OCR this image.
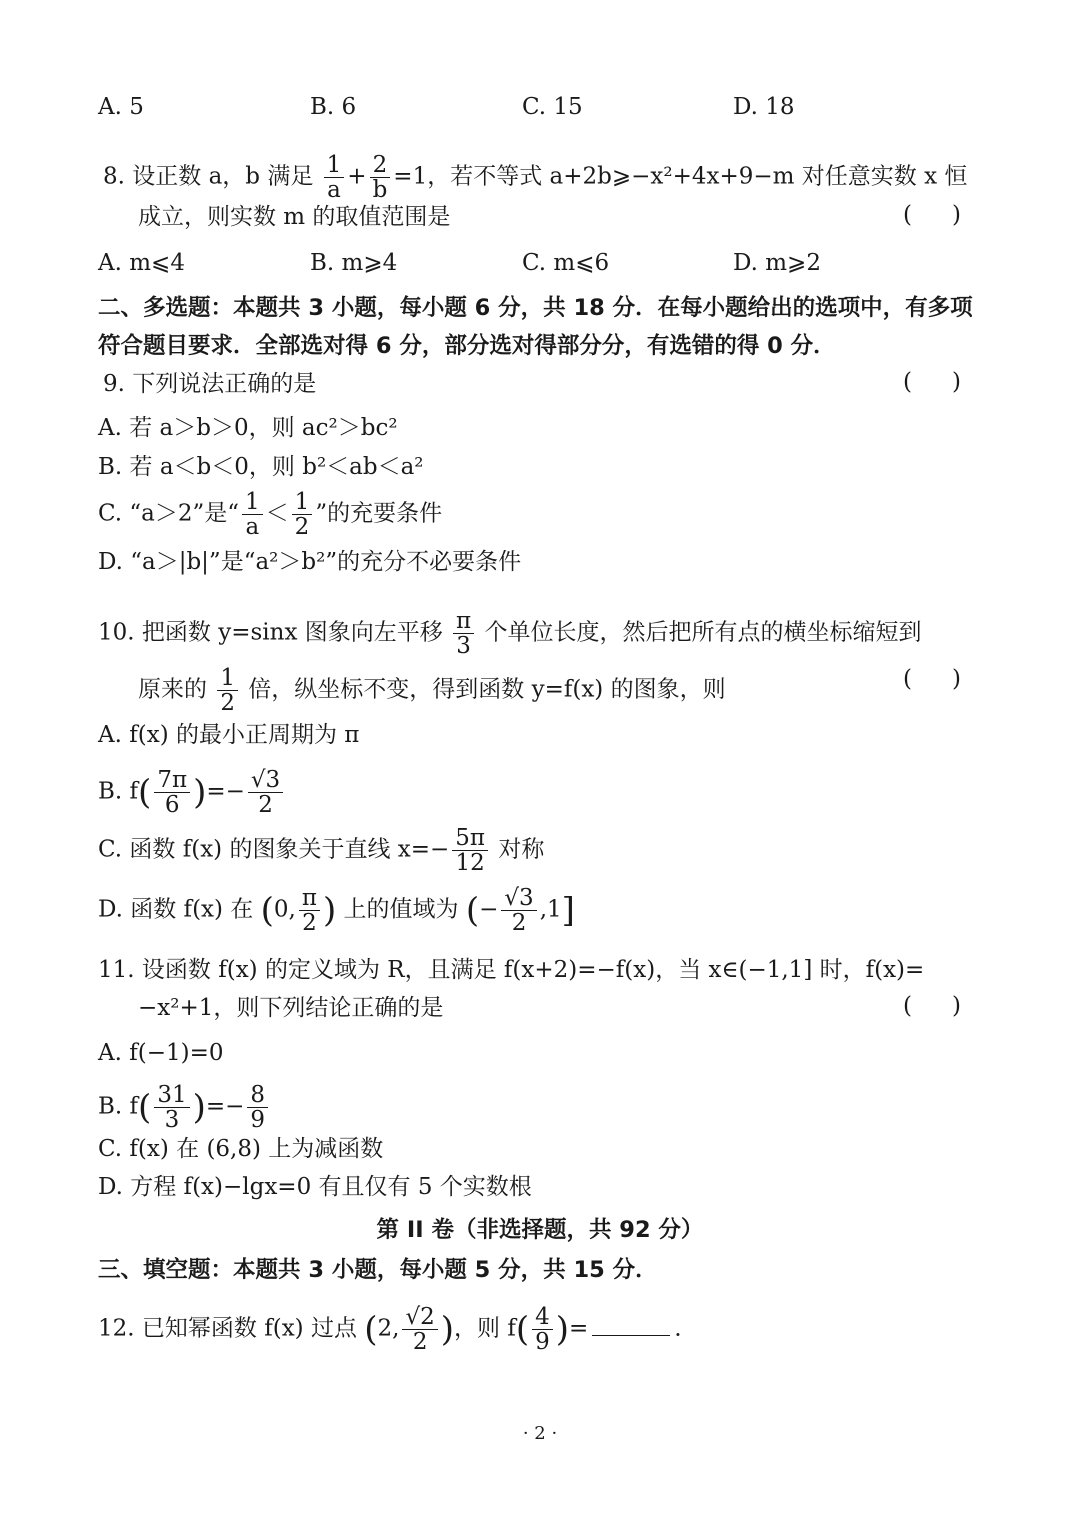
A. 5	B. 6	C. 15	D. 18
8. 设正数 a，b 满足 $\frac{1}{a} + \frac{2}{b} =1$，若不等式 a+2b⩾−x²+4x+9−m 对任意实数 x 恒
成立，则实数 m 的取值范围是	()
A. m⩽4	B. m⩾4	C. m⩽6	D. m⩾2
二、多选题：本题共 3 小题，每小题 6 分，共 18 分．在每小题给出的选项中，有多项
符合题目要求．全部选对得 6 分，部分选对得部分分，有选错的得 0 分．
9. 下列说法正确的是	()
A. 若 a＞b＞0，则 ac²＞bc²
B. 若 a＜b＜0，则 b²＜ab＜a²
C. “a＞2”是“ $\frac{1}{a} < \frac{1}{2}$ ”的充要条件
D. “a＞|b|”是“a²＞b²”的充分不必要条件
10. 把函数 y=sinx 图象向左平移 $\frac{\pi}{3}$ 个单位长度，然后把所有点的横坐标缩短到
原来的 $\frac{1}{2}$ 倍，纵坐标不变，得到函数 y=f(x) 的图象，则	()
A. f(x) 的最小正周期为 π
B. $f( \frac{7\pi}{6}$ )=− $\frac{√3}{2}$
C. 函数 f(x) 的图象关于直线 $x=- \frac{5\pi}{12}$ 对称
D. 函数 f(x) 在 (0, $\frac{\pi}{2}$ ) 上的值域为 (− $\frac{√3}{2} ,1$]
11. 设函数 f(x) 的定义域为 R，且满足 f(x+2)=−f(x)，当 x∈(−1,1] 时，f(x)=
−x²+1，则下列结论正确的是	()
A. f(−1)=0
B. $f( \frac{31}{3}$ )=− $\frac{8}{9}$
C. f(x) 在 (6,8) 上为减函数
D. 方程 f(x)−lgx=0 有且仅有 5 个实数根
第 II 卷（非选择题，共 92 分）
三、填空题：本题共 3 小题，每小题 5 分，共 15 分．
12. 已知幂函数 f(x) 过点 (2, $\frac{√2}{2}$ )，则 $f( \frac{4}{9}$ )=	．
· 2 ·
